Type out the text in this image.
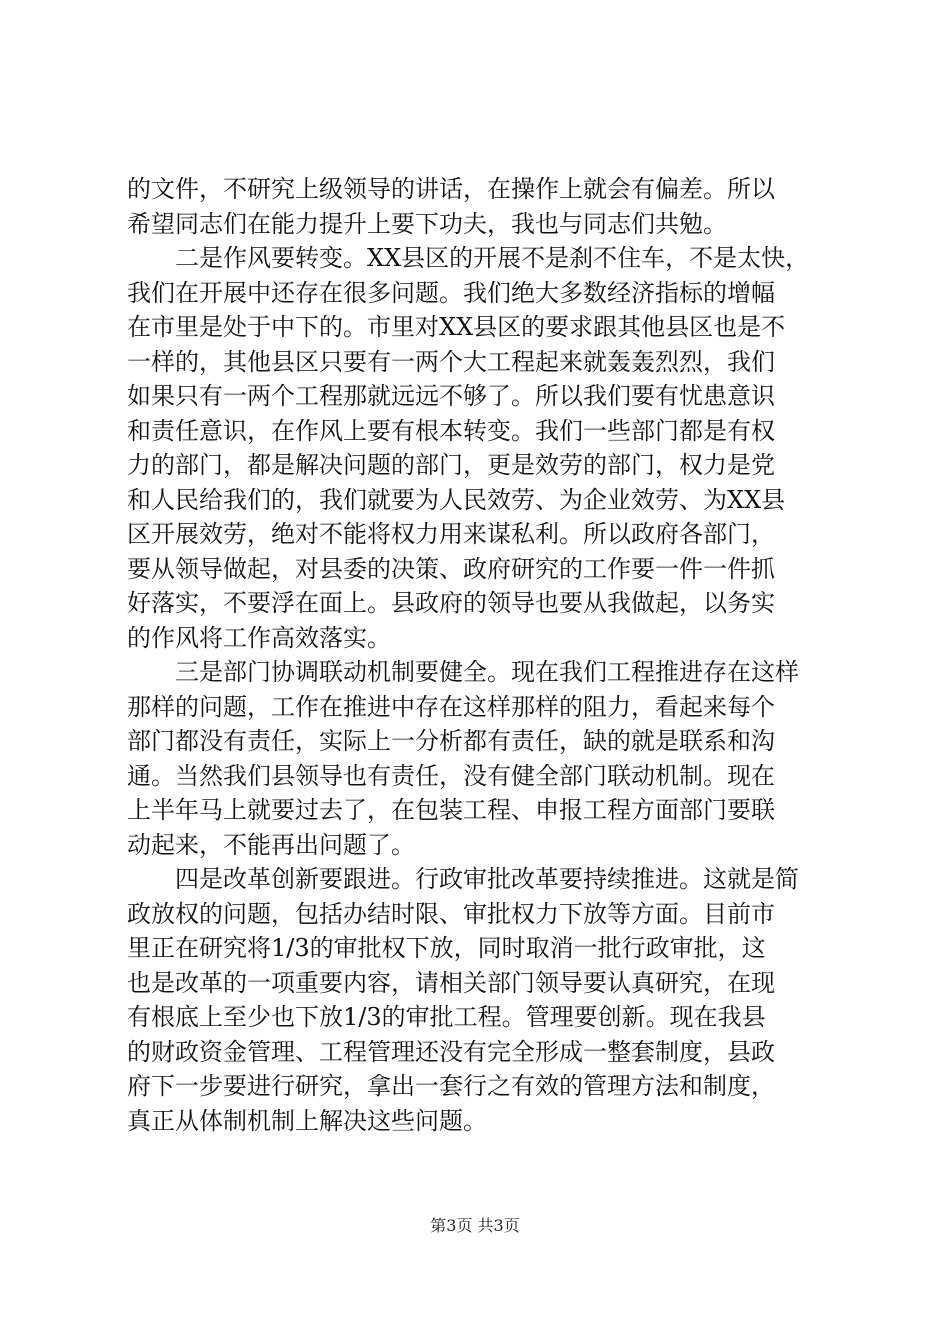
的文件，不研究上级领导的讲话，在操作上就会有偏差。所以
希望同志们在能力提升上要下功夫，我也与同志们共勉。
二是作风要转变。XX县区的开展不是刹不住车，不是太快，
我们在开展中还存在很多问题。我们绝大多数经济指标的增幅
在市里是处于中下的。市里对XX县区的要求跟其他县区也是不
一样的，其他县区只要有一两个大工程起来就轰轰烈烈，我们
如果只有一两个工程那就远远不够了。所以我们要有忧患意识
和责任意识，在作风上要有根本转变。我们一些部门都是有权
力的部门，都是解决问题的部门，更是效劳的部门，权力是党
和人民给我们的，我们就要为人民效劳、为企业效劳、为XX县
区开展效劳，绝对不能将权力用来谋私利。所以政府各部门，
要从领导做起，对县委的决策、政府研究的工作要一件一件抓
好落实，不要浮在面上。县政府的领导也要从我做起，以务实
的作风将工作高效落实。
三是部门协调联动机制要健全。现在我们工程推进存在这样
那样的问题，工作在推进中存在这样那样的阻力，看起来每个
部门都没有责任，实际上一分析都有责任，缺的就是联系和沟
通。当然我们县领导也有责任，没有健全部门联动机制。现在
上半年马上就要过去了，在包装工程、申报工程方面部门要联
动起来，不能再出问题了。
四是改革创新要跟进。行政审批改革要持续推进。这就是简
政放权的问题，包括办结时限、审批权力下放等方面。目前市
里正在研究将1/3的审批权下放，同时取消一批行政审批，这
也是改革的一项重要内容，请相关部门领导要认真研究，在现
有根底上至少也下放1/3的审批工程。管理要创新。现在我县
的财政资金管理、工程管理还没有完全形成一整套制度，县政
府下一步要进行研究，拿出一套行之有效的管理方法和制度，
真正从体制机制上解决这些问题。
第3页 共3页
